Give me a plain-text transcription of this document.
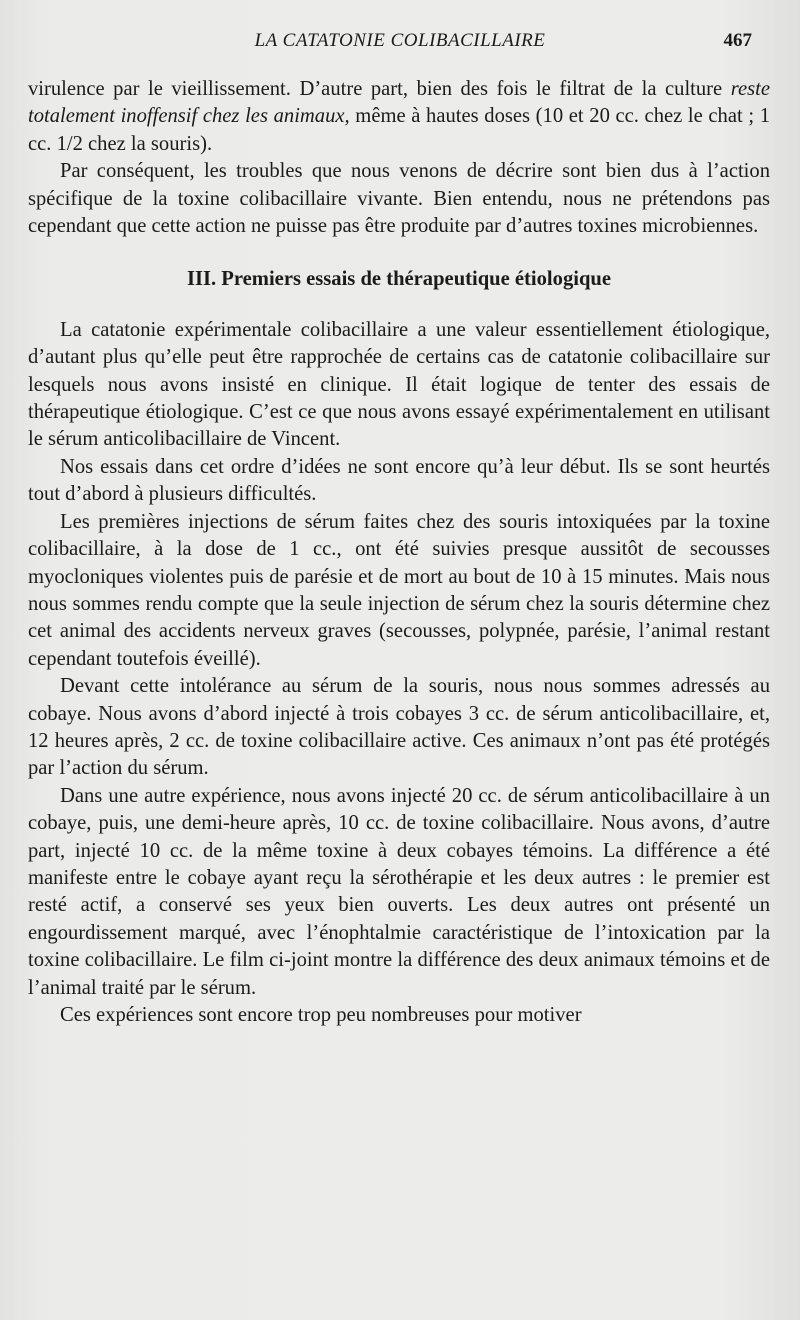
LA CATATONIE COLIBACILLAIRE	467

virulence par le vieillissement. D’autre part, bien des fois le filtrat de la culture reste totalement inoffensif chez les animaux, même à hautes doses (10 et 20 cc. chez le chat ; 1 cc. 1/2 chez la souris).

Par conséquent, les troubles que nous venons de décrire sont bien dus à l’action spécifique de la toxine colibacillaire vivante. Bien entendu, nous ne prétendons pas cependant que cette action ne puisse pas être produite par d’autres toxines microbiennes.

III. Premiers essais de thérapeutique étiologique

La catatonie expérimentale colibacillaire a une valeur essentiellement étiologique, d’autant plus qu’elle peut être rapprochée de certains cas de catatonie colibacillaire sur lesquels nous avons insisté en clinique. Il était logique de tenter des essais de thérapeutique étiologique. C’est ce que nous avons essayé expérimentalement en utilisant le sérum anticolibacillaire de Vincent.

Nos essais dans cet ordre d’idées ne sont encore qu’à leur début. Ils se sont heurtés tout d’abord à plusieurs difficultés.

Les premières injections de sérum faites chez des souris intoxiquées par la toxine colibacillaire, à la dose de 1 cc., ont été suivies presque aussitôt de secousses myocloniques violentes puis de parésie et de mort au bout de 10 à 15 minutes. Mais nous nous sommes rendu compte que la seule injection de sérum chez la souris détermine chez cet animal des accidents nerveux graves (secousses, polypnée, parésie, l’animal restant cependant toutefois éveillé).

Devant cette intolérance au sérum de la souris, nous nous sommes adressés au cobaye. Nous avons d’abord injecté à trois cobayes 3 cc. de sérum anticolibacillaire, et, 12 heures après, 2 cc. de toxine colibacillaire active. Ces animaux n’ont pas été protégés par l’action du sérum.

Dans une autre expérience, nous avons injecté 20 cc. de sérum anticolibacillaire à un cobaye, puis, une demi-heure après, 10 cc. de toxine colibacillaire. Nous avons, d’autre part, injecté 10 cc. de la même toxine à deux cobayes témoins. La différence a été manifeste entre le cobaye ayant reçu la sérothérapie et les deux autres : le premier est resté actif, a conservé ses yeux bien ouverts. Les deux autres ont présenté un engourdissement marqué, avec l’énophtalmie caractéristique de l’intoxication par la toxine colibacillaire. Le film ci-joint montre la différence des deux animaux témoins et de l’animal traité par le sérum.

Ces expériences sont encore trop peu nombreuses pour motiver
